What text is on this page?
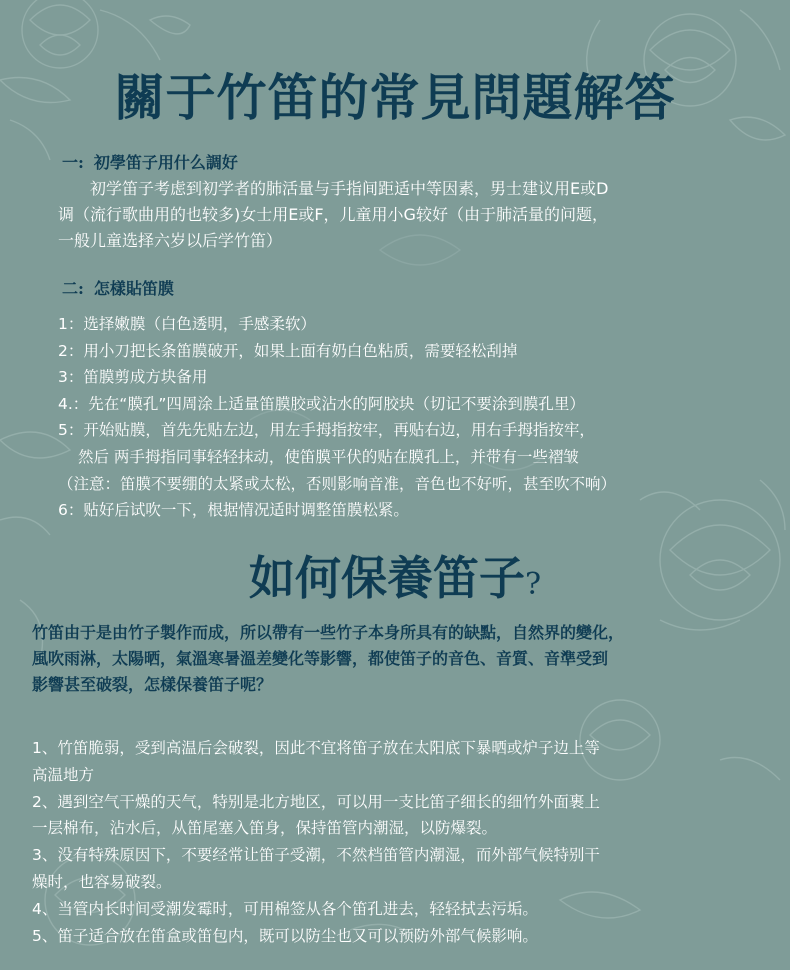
關于竹笛的常見問題解答
一: 初學笛子用什么調好

初学笛子考虑到初学者的肺活量与手指间距适中等因素，男士建议用E或D
调（流行歌曲用的也较多)女士用E或F，儿童用小G较好（由于肺活量的问题，
一般儿童选择六岁以后学竹笛）

二: 怎樣貼笛膜
1：选择嫩膜（白色透明，手感柔软）
2：用小刀把长条笛膜破开，如果上面有奶白色粘质，需要轻松刮掉
3：笛膜剪成方块备用
4.：先在“膜孔”四周涂上适量笛膜胶或沾水的阿胶块（切记不要涂到膜孔里）
5：开始贴膜，首先先贴左边，用左手拇指按牢，再贴右边，用右手拇指按牢，
然后 两手拇指同事轻轻抹动，使笛膜平伏的贴在膜孔上，并带有一些褶皱
（注意：笛膜不要绷的太紧或太松，否则影响音准，音色也不好听，甚至吹不响）
6：贴好后试吹一下，根据情况适时调整笛膜松紧。
如何保養笛子?

竹笛由于是由竹子製作而成，所以帶有一些竹子本身所具有的缺點，自然界的變化，
風吹雨淋，太陽晒，氣溫寒暑溫差變化等影響，都使笛子的音色、音質、音準受到
影響甚至破裂，怎樣保養笛子呢？

1、竹笛脆弱，受到高温后会破裂，因此不宜将笛子放在太阳底下暴晒或炉子边上等
高温地方
2、遇到空气干燥的天气，特别是北方地区，可以用一支比笛子细长的细竹外面裹上
一层棉布，沾水后，从笛尾塞入笛身，保持笛管内潮湿，以防爆裂。
3、没有特殊原因下，不要经常让笛子受潮，不然档笛管内潮湿，而外部气候特别干
燥时，也容易破裂。
4、当管内长时间受潮发霉时，可用棉签从各个笛孔进去，轻轻拭去污垢。
5、笛子适合放在笛盒或笛包内，既可以防尘也又可以预防外部气候影响。
